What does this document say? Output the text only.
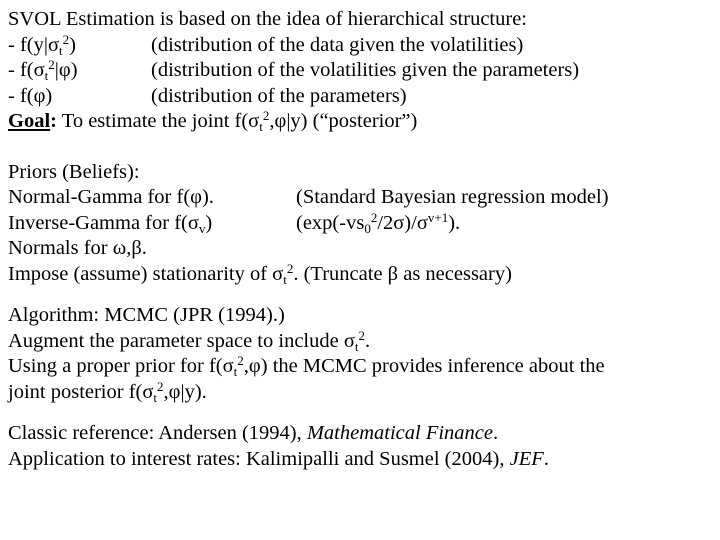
SVOL Estimation is based on the idea of hierarchical structure:
- $f(y|\sigma_t^2)$	(distribution of the data given the volatilities)
- $f(\sigma_t^2|\varphi)$	(distribution of the volatilities given the parameters)
- f(φ)	(distribution of the parameters)
Goal: To estimate the joint $f(\sigma_t^2,\varphi|y)$ (“posterior”)
Priors (Beliefs):
Normal-Gamma for f(φ).	(Standard Bayesian regression model)
Inverse-Gamma for $f(\sigma_v)$	$(\exp(-vs_0^2/2\sigma)/\sigma^{v+1})$.
Normals for ω,β.
Impose (assume) stationarity of $\sigma_t^2$. (Truncate β as necessary)
Algorithm: MCMC (JPR (1994).)
Augment the parameter space to include $\sigma_t^2$.
Using a proper prior for $f(\sigma_t^2,\varphi)$ the MCMC provides inference about the
joint posterior $f(\sigma_t^2,\varphi|y)$.
Classic reference: Andersen (1994), Mathematical Finance.
Application to interest rates: Kalimipalli and Susmel (2004), JEF.
